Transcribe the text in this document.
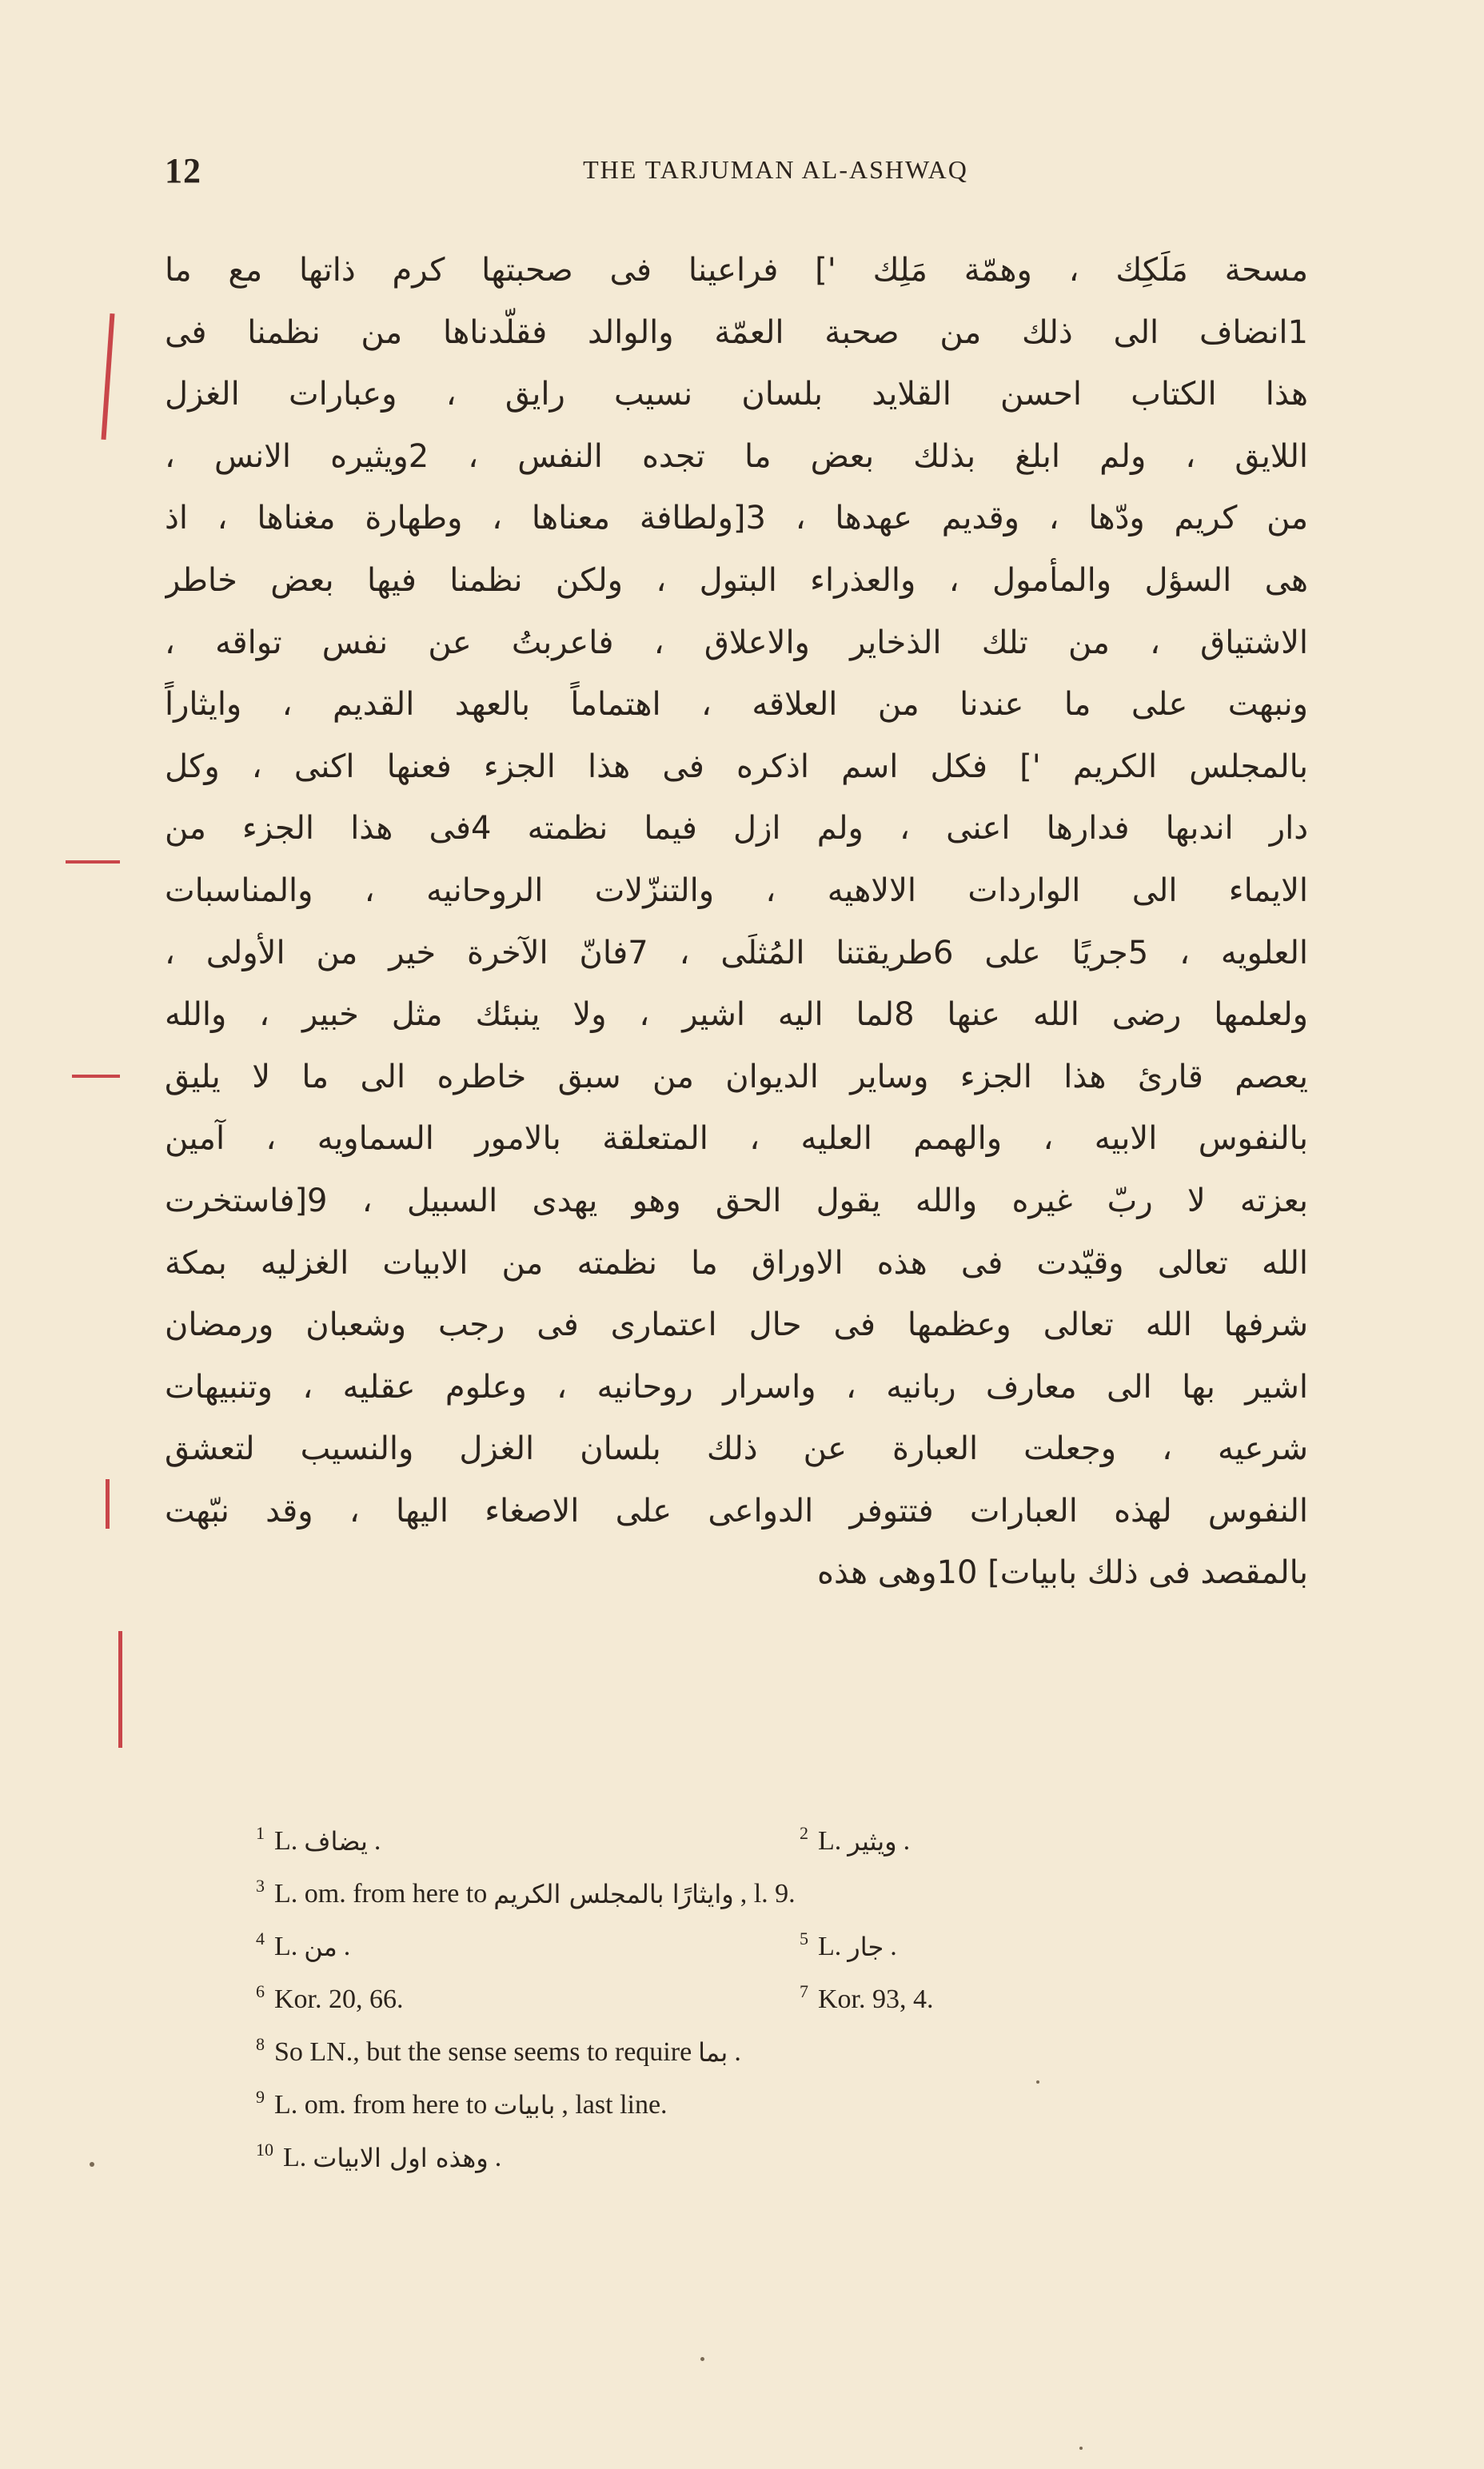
12	THE TARJUMAN AL-ASHWAQ
مسحة مَلَكِك ، وهمّة مَلِك '] فراعينا فى صحبتها كرم ذاتها مع ما
1انضاف الى ذلك من صحبة العمّة والوالد فقلّدناها من نظمنا فى
هذا الكتاب احسن القلايد بلسان نسيب رايق ، وعبارات الغزل
اللايق ، ولم ابلغ بذلك بعض ما تجده النفس ، 2ويثيره الانس ،
من كريم ودّها ، وقديم عهدها ، 3[ولطافة معناها ، وطهارة مغناها ، اذ
هى السؤل والمأمول ، والعذراء البتول ، ولكن نظمنا فيها بعض خاطر
الاشتياق ، من تلك الذخاير والاعلاق ، فاعربتُ عن نفس تواقه ،
ونبهت على ما عندنا من العلاقه ، اهتماماً بالعهد القديم ، وايثاراً
بالمجلس الكريم '] فكل اسم اذكره فى هذا الجزء فعنها اكنى ، وكل
دار اندبها فدارها اعنى ، ولم ازل فيما نظمته 4فى هذا الجزء من
الايماء الى الواردات الالاهيه ، والتنزّلات الروحانيه ، والمناسبات
العلويه ، 5جريًا على 6طريقتنا المُثلَى ، 7فانّ الآخرة خير من الأولى ،
ولعلمها رضى الله عنها 8لما اليه اشير ، ولا ينبئك مثل خبير ، والله
يعصم قارئ هذا الجزء وساير الديوان من سبق خاطره الى ما لا يليق
بالنفوس الابيه ، والهمم العليه ، المتعلقة بالامور السماويه ، آمين
بعزته لا ربّ غيره والله يقول الحق وهو يهدى السبيل ، 9[فاستخرت
الله تعالى وقيّدت فى هذه الاوراق ما نظمته من الابيات الغزليه بمكة
شرفها الله تعالى وعظمها فى حال اعتمارى فى رجب وشعبان ورمضان
اشير بها الى معارف ربانيه ، واسرار روحانيه ، وعلوم عقليه ، وتنبيهات
شرعيه ، وجعلت العبارة عن ذلك بلسان الغزل والنسيب لتعشق
النفوس لهذه العبارات فتتوفر الدواعى على الاصغاء اليها ، وقد نبّهت
بالمقصد فى ذلك بابيات] 10وهى هذه
1 L. يضاف .	2 L. ويثير .
3 L. om. from here to وايثارًا بالمجلس الكريم , l. 9.
4 L. من .	5 L. جار .
6 Kor. 20, 66.	7 Kor. 93, 4.
8 So LN., but the sense seems to require بما .
9 L. om. from here to بابيات , last line.
10 L. وهذه اول الابيات .
